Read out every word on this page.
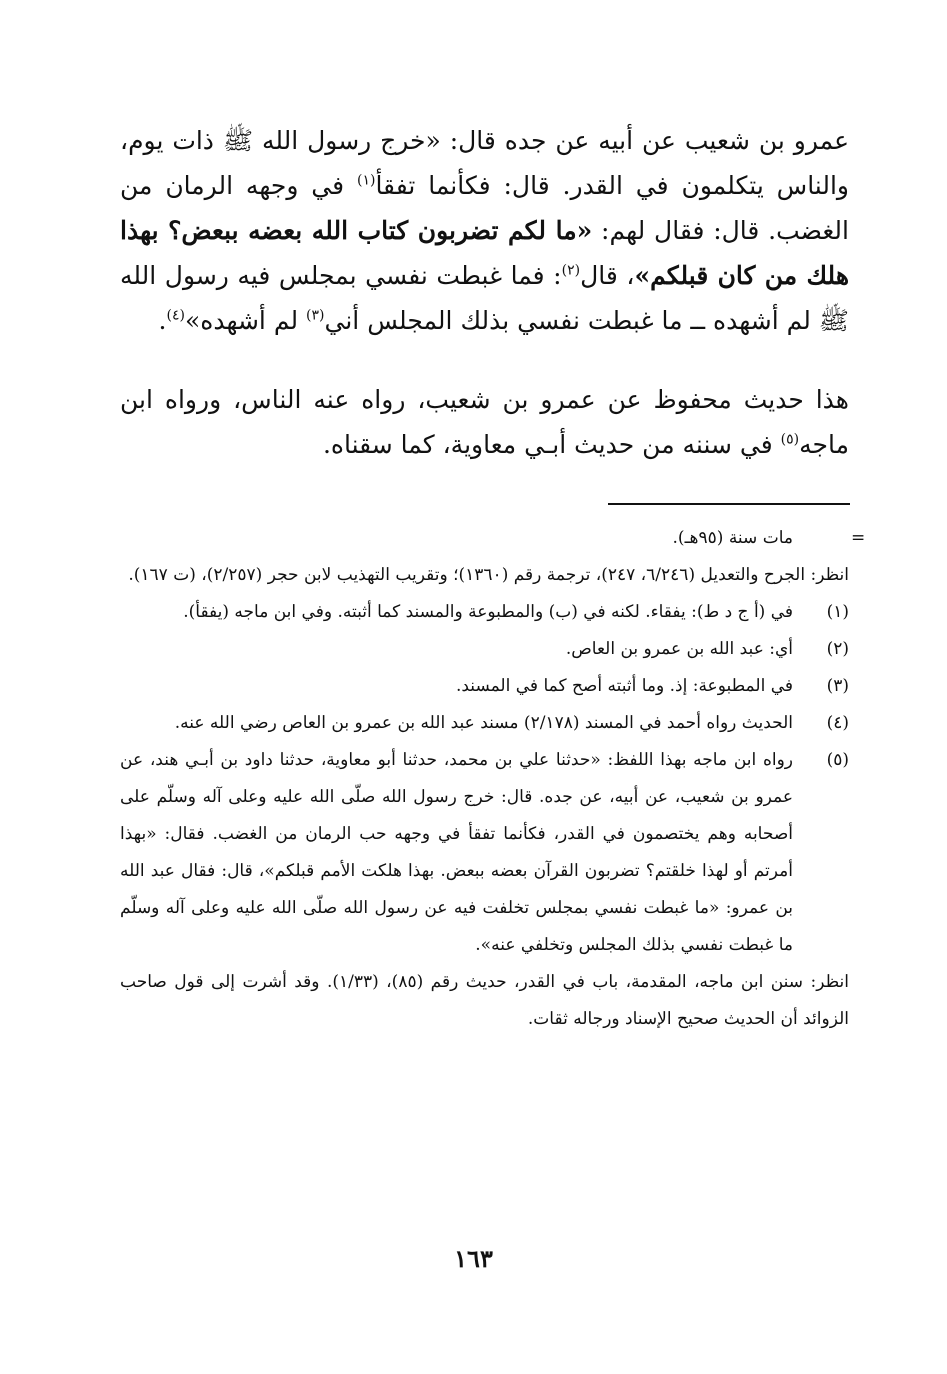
عمرو بن شعيب عن أبيه عن جده قال: «خرج رسول الله ﷺ ذات يوم، والناس يتكلمون في القدر. قال: فكأنما تفقأ$^{(١)}$ في وجهه الرمان من الغضب. قال: فقال لهم: «ما لكم تضربون كتاب الله بعضه ببعض؟ بهذا هلك من كان قبلكم»، قال$^{(٢)}$: فما غبطت نفسي بمجلس فيه رسول الله ﷺ لم أشهده ــ ما غبطت نفسي بذلك المجلس أني$^{(٣)}$ لم أشهده»$^{(٤)}$.

هذا حديث محفوظ عن عمرو بن شعيب، رواه عنه الناس، ورواه ابن ماجه$^{(٥)}$ في سننه من حديث أبـي معاوية، كما سقناه.

=
مات سنة (٩٥هـ).
انظر: الجرح والتعديل (٦/٢٤٦، ٢٤٧)، ترجمة رقم (١٣٦٠)؛ وتقريب التهذيب لابن حجر (٢/٢٥٧)، (ت ١٦٧).
(١)
في (أ ج د ط): يفقاء. لكنه في (ب) والمطبوعة والمسند كما أثبته. وفي ابن ماجه (يفقأ).
(٢)
أي: عبد الله بن عمرو بن العاص.
(٣)
في المطبوعة: إذ. وما أثبته أصح كما في المسند.
(٤)
الحديث رواه أحمد في المسند (٢/١٧٨) مسند عبد الله بن عمرو بن العاص رضي الله عنه.
(٥)
رواه ابن ماجه بهذا اللفظ: «حدثنا علي بن محمد، حدثنا أبو معاوية، حدثنا داود بن أبـي هند، عن عمرو بن شعيب، عن أبيه، عن جده. قال: خرج رسول الله صلّى الله عليه وعلى آله وسلّم على أصحابه وهم يختصمون في القدر، فكأنما تفقأ في وجهه حب الرمان من الغضب. فقال: «بهذا أمرتم أو لهذا خلقتم؟ تضربون القرآن بعضه ببعض. بهذا هلكت الأمم قبلكم»، قال: فقال عبد الله بن عمرو: «ما غبطت نفسي بمجلس تخلفت فيه عن رسول الله صلّى الله عليه وعلى آله وسلّم ما غبطت نفسي بذلك المجلس وتخلفي عنه».
انظر: سنن ابن ماجه، المقدمة، باب في القدر، حديث رقم (٨٥)، (١/٣٣). وقد أشرت إلى قول صاحب الزوائد أن الحديث صحيح الإسناد ورجاله ثقات.
١٦٣
